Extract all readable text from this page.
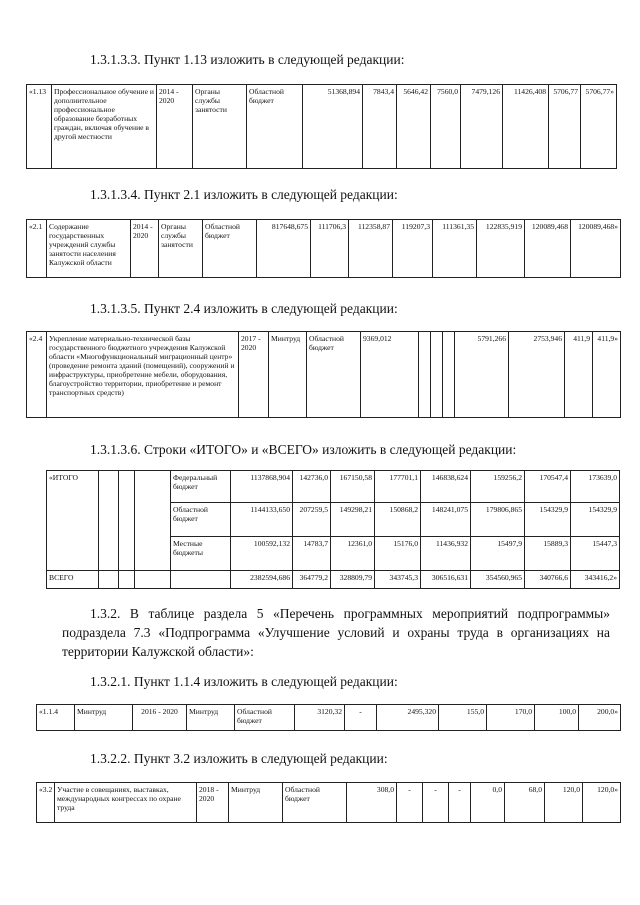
1.3.1.3.3. Пункт 1.13 изложить в следующей редакции:
«1.13	Профессиональное обучение и дополнительное профессиональное образование безработных граждан, включая обучение в другой местности	2014 - 2020	Органы службы занятости	Областной бюджет	51368,894	7843,4	5646,42	7560,0	7479,126	11426,408	5706,77	5706,77»
1.3.1.3.4. Пункт 2.1 изложить в следующей редакции:
«2.1	Содержание государственных учреждений службы занятости населения Калужской области	2014 - 2020	Органы службы занятости	Областной бюджет	817648,675	111706,3	112358,87	119207,3	111361,35	122835,919	120089,468	120089,468»
1.3.1.3.5. Пункт 2.4 изложить в следующей редакции:
«2.4	Укрепление материально-технической базы государственного бюджетного учреждения Калужской области «Многофункциональный миграционный центр» (проведение ремонта зданий (помещений), сооружений и инфраструктуры, приобретение мебели, оборудования, благоустройство территории, приобретение и ремонт транспортных средств)	2017 - 2020	Минтруд	Областной бюджет	9369,012				5791,266	2753,946	411,9	411,9»
1.3.1.3.6. Строки «ИТОГО» и «ВСЕГО» изложить в следующей редакции:
«ИТОГО				Федеральный бюджет	1137868,904	142736,0	167150,58	177701,1	146838,624	159256,2	170547,4	173639,0
				Областной бюджет	1144133,650	207259,5	149298,21	150868,2	148241,075	179806,865	154329,9	154329,9
				Местные бюджеты	100592,132	14783,7	12361,0	15176,0	11436,932	15497,9	15889,3	15447,3
ВСЕГО					2382594,686	364779,2	328809,79	343745,3	306516,631	354560,965	340766,6	343416,2»
1.3.2. В таблице раздела 5 «Перечень программных мероприятий подпрограммы» подраздела 7.3 «Подпрограмма «Улучшение условий и охраны труда в организациях на территории Калужской области»:
1.3.2.1. Пункт 1.1.4 изложить в следующей редакции:
«1.1.4	Минтруд	2016 - 2020	Минтруд	Областной бюджет	3120,32	-	2495,320	155,0	170,0	100,0	200,0»
1.3.2.2. Пункт 3.2 изложить в следующей редакции:
«3.2	Участие в совещаниях, выставках, международных конгрессах по охране труда	2018 - 2020	Минтруд	Областной бюджет	308,0	-	-	-	0,0	68,0	120,0	120,0»
